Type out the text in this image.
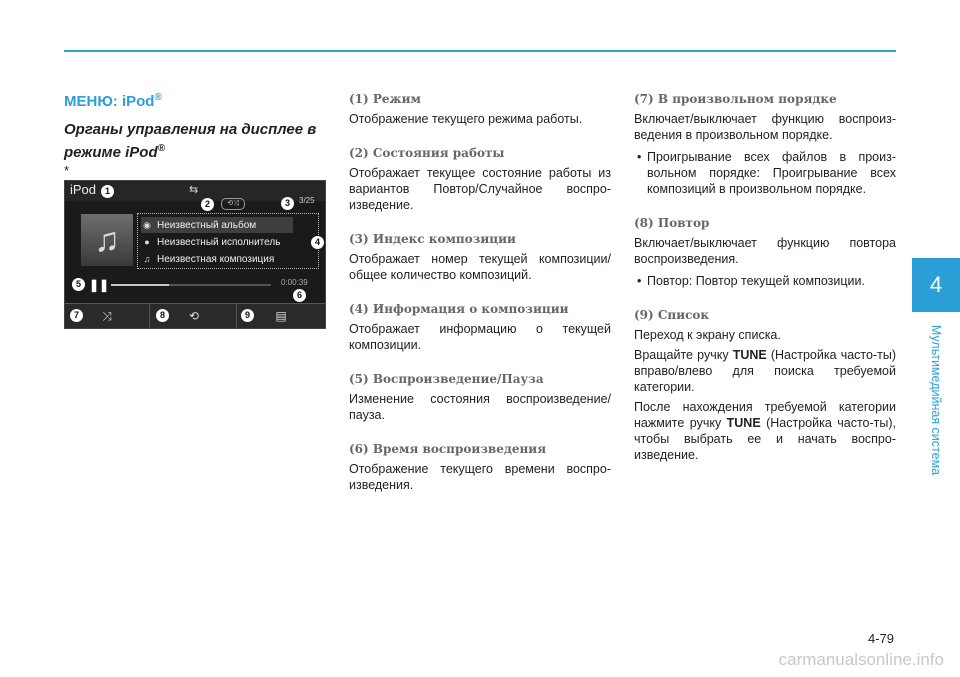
МЕНЮ: iPod®
Органы управления на дисплее в режиме iPod®
*
iPod	⇆
⟲⤨	3/25
♫	◉ Неизвестный альбом
● Неизвестный исполнитель
♫ Неизвестная композиция
❚❚	0:00:39
⤨	⟲	▤
1
2	3
4
5
6
7	8	9
(1) Режим

Отображение текущего режима работы.

(2) Состояния работы

Отображает текущее состояние работы из вариантов Повтор/Случайное воспро-изведение.

(3) Индекс композиции

Отображает номер текущей композиции/ общее количество композиций.

(4) Информация о композиции

Отображает информацию о текущей композиции.

(5) Воспроизведение/Пауза

Изменение состояния воспроизведение/ пауза.

(6) Время воспроизведения

Отображение текущего времени воспро-изведения.

(7) В произвольном порядке

Включает/выключает функцию воспроиз-ведения в произвольном порядке.

• Проигрывание всех файлов в произ-вольном порядке: Проигрывание всех композиций в произвольном порядке.

(8) Повтор

Включает/выключает функцию повтора воспроизведения.

• Повтор: Повтор текущей композиции.

(9) Список

Переход к экрану списка.

Вращайте ручку TUNE (Настройка часто-ты) вправо/влево для поиска требуемой категории.

После нахождения требуемой категории нажмите ручку TUNE (Настройка часто-ты), чтобы выбрать ее и начать воспро-изведение.

4
Мультимедийная система
4-79
carmanualsonline.info
